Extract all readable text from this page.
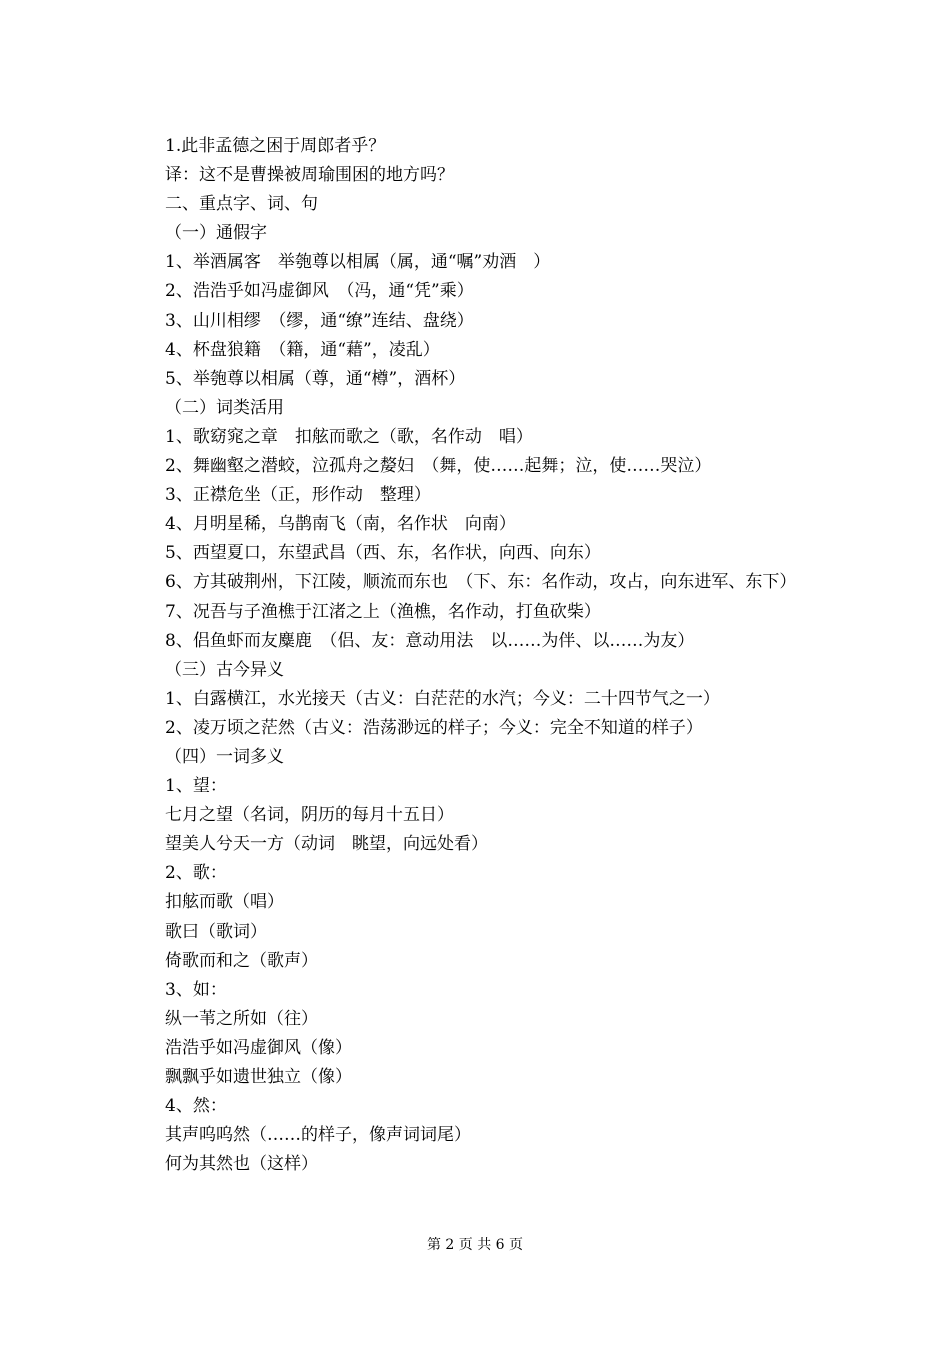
1.此非孟德之困于周郎者乎？
译：这不是曹操被周瑜围困的地方吗？
二、重点字、词、句
（一）通假字
1、举酒属客　举匏尊以相属（属，通“嘱”劝酒　）
2、浩浩乎如冯虚御风　（冯，通“凭”乘）
3、山川相缪　（缪，通“缭”连结、盘绕）
4、杯盘狼籍　（籍，通“藉”，凌乱）
5、举匏尊以相属（尊，通“樽”，酒杯）
（二）词类活用
1、歌窈窕之章　扣舷而歌之（歌，名作动　唱）
2、舞幽壑之潜蛟，泣孤舟之嫠妇　（舞，使……起舞；泣，使……哭泣）
3、正襟危坐（正，形作动　整理）
4、月明星稀，乌鹊南飞（南，名作状　向南）
5、西望夏口，东望武昌（西、东，名作状，向西、向东）
6、方其破荆州，下江陵，顺流而东也　（下、东：名作动，攻占，向东进军、东下）
7、况吾与子渔樵于江渚之上（渔樵，名作动，打鱼砍柴）
8、侣鱼虾而友麋鹿　（侣、友：意动用法　以……为伴、以……为友）
（三）古今异义
1、白露横江，水光接天（古义：白茫茫的水汽；今义：二十四节气之一）
2、凌万顷之茫然（古义：浩荡渺远的样子；今义：完全不知道的样子）
（四）一词多义
1、望：
七月之望（名词，阴历的每月十五日）
望美人兮天一方（动词　眺望，向远处看）
2、歌：
扣舷而歌（唱）
歌曰（歌词）
倚歌而和之（歌声）
3、如：
纵一苇之所如（往）
浩浩乎如冯虚御风（像）
飘飘乎如遗世独立（像）
4、然：
其声呜呜然（……的样子，像声词词尾）
何为其然也（这样）
第 2 页 共 6 页
